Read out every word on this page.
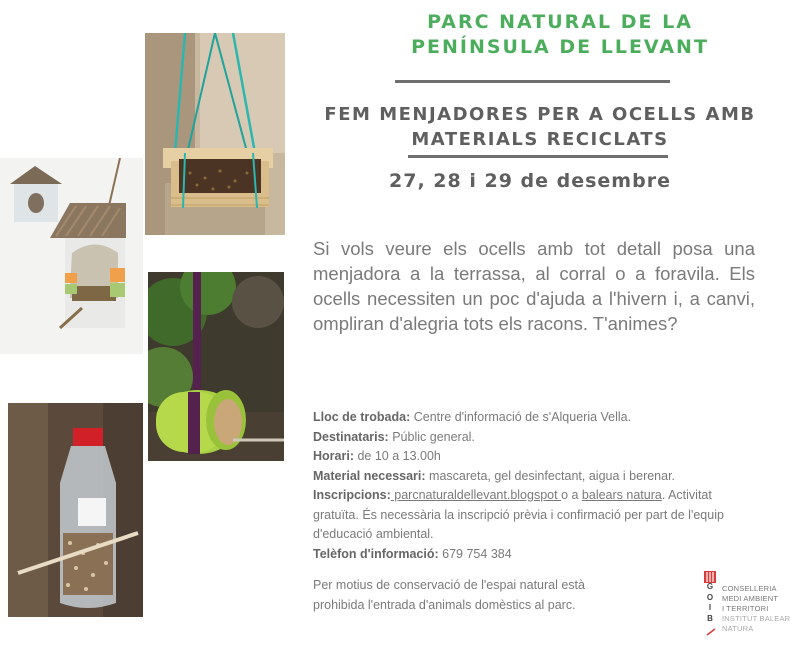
PARC NATURAL DE LA
PENÍNSULA DE LLEVANT
FEM MENJADORES PER A OCELLS AMB
MATERIALS RECICLATS
27, 28 i 29 de desembre
Si vols veure els ocells amb tot detall posa una menjadora a la terrassa, al corral o a foravila. Els ocells necessiten un poc d'ajuda a l'hivern i, a canvi, ompliran d'alegria tots els racons. T'animes?
Lloc de trobada: Centre d'informació de s'Alqueria Vella.
Destinataris: Públic general.
Horari: de 10 a 13.00h
Material necessari: mascareta, gel desinfectant, aigua i berenar.
Inscripcions: parcnaturaldellevant.blogspot o a balears natura. Activitat gratuïta. És necessària la inscripció prèvia i confirmació per part de l'equip d'educació ambiental.
Telèfon d'informació: 679 754 384
Per motius de conservació de l'espai natural està prohibida l'entrada d'animals domèstics al parc.
G
O
I
B
CONSELLERIA
MEDI AMBIENT
I TERRITORI
INSTITUT BALEAR
NATURA
